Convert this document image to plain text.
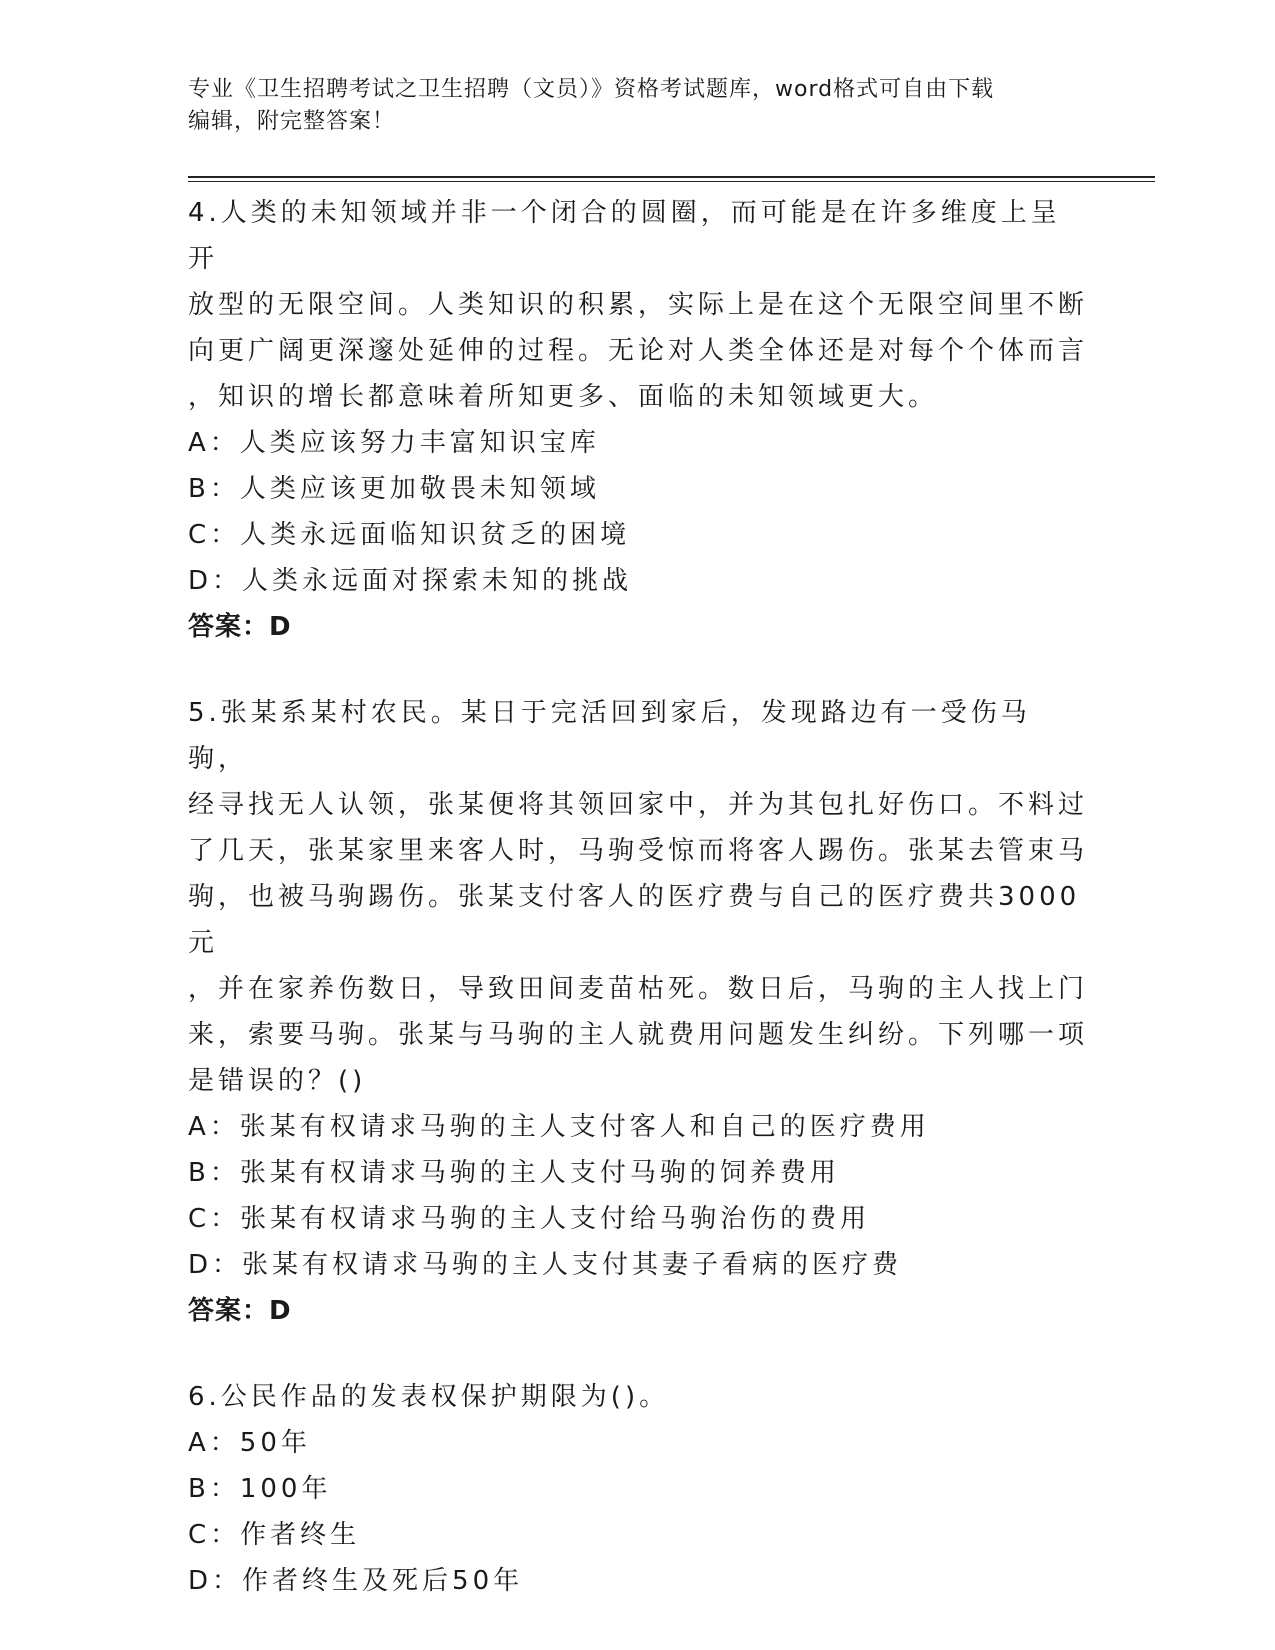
专业《卫生招聘考试之卫生招聘（文员）》资格考试题库，word格式可自由下载
编辑，附完整答案！
4.人类的未知领域并非一个闭合的圆圈，而可能是在许多维度上呈开
放型的无限空间。人类知识的积累，实际上是在这个无限空间里不断
向更广阔更深邃处延伸的过程。无论对人类全体还是对每个个体而言
，知识的增长都意味着所知更多、面临的未知领域更大。
A：人类应该努力丰富知识宝库
B：人类应该更加敬畏未知领域
C：人类永远面临知识贫乏的困境
D：人类永远面对探索未知的挑战
答案：D
5.张某系某村农民。某日于完活回到家后，发现路边有一受伤马驹，
经寻找无人认领，张某便将其领回家中，并为其包扎好伤口。不料过
了几天，张某家里来客人时，马驹受惊而将客人踢伤。张某去管束马
驹，也被马驹踢伤。张某支付客人的医疗费与自己的医疗费共3000元
，并在家养伤数日，导致田间麦苗枯死。数日后，马驹的主人找上门
来，索要马驹。张某与马驹的主人就费用问题发生纠纷。下列哪一项
是错误的？()
A：张某有权请求马驹的主人支付客人和自己的医疗费用
B：张某有权请求马驹的主人支付马驹的饲养费用
C：张某有权请求马驹的主人支付给马驹治伤的费用
D：张某有权请求马驹的主人支付其妻子看病的医疗费
答案：D
6.公民作品的发表权保护期限为()。
A：50年
B：100年
C：作者终生
D：作者终生及死后50年
